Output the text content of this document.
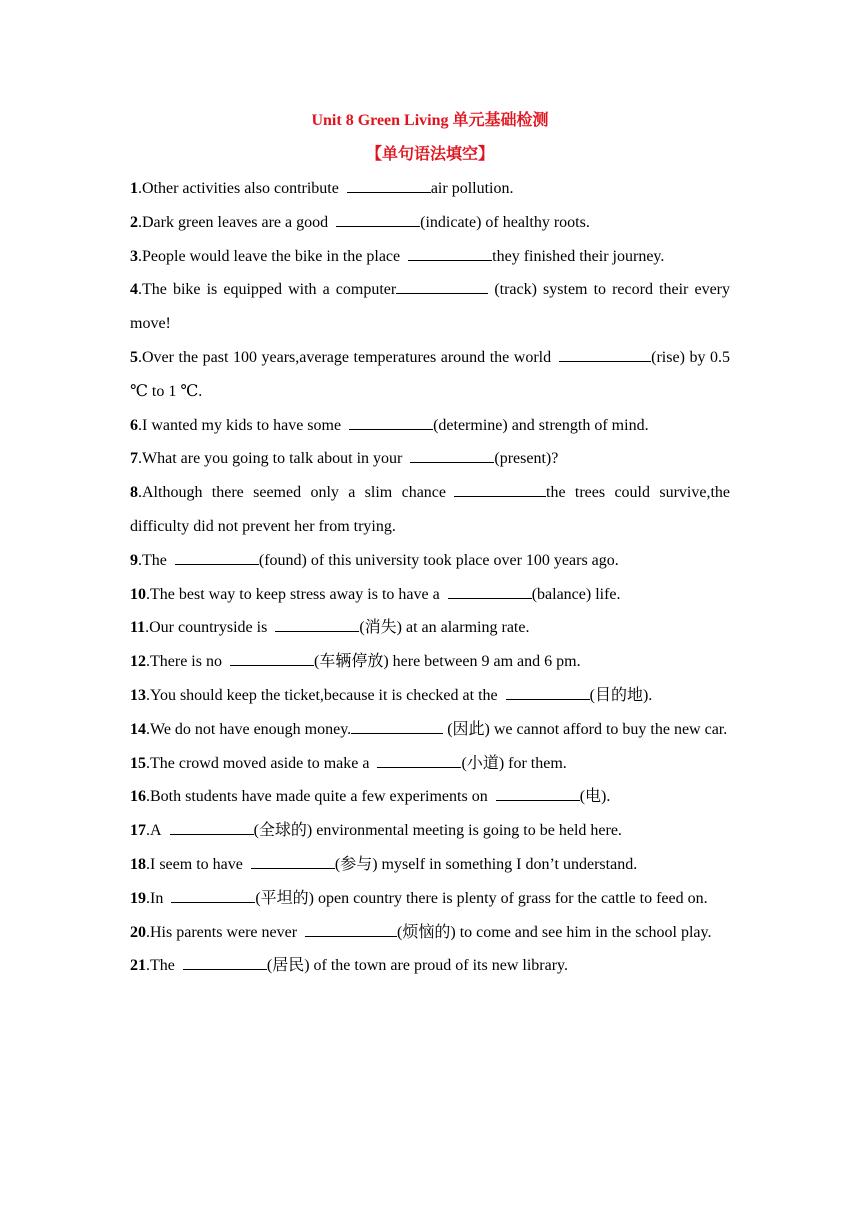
Unit 8 Green Living 单元基础检测

【单句语法填空】

1.Other activities also contribute	air pollution.

2.Dark green leaves are a good	(indicate) of healthy roots.

3.People would leave the bike in the place	they finished their journey.

4.The bike is equipped with a computer	(track) system to record their every move!

5.Over the past 100 years,average temperatures around the world	(rise) by 0.5 ℃ to 1 ℃.

6.I wanted my kids to have some	(determine) and strength of mind.

7.What are you going to talk about in your	(present)?

8.Although there seemed only a slim chance	the trees could survive,the difficulty did not prevent her from trying.

9.The	(found) of this university took place over 100 years ago.

10.The best way to keep stress away is to have a	(balance) life.

11.Our countryside is	(消失) at an alarming rate.

12.There is no	(车辆停放) here between 9 am and 6 pm.

13.You should keep the ticket,because it is checked at the	(目的地).

14.We do not have enough money.	(因此) we cannot afford to buy the new car.

15.The crowd moved aside to make a	(小道) for them.

16.Both students have made quite a few experiments on	(电).

17.A	(全球的) environmental meeting is going to be held here.

18.I seem to have	(参与) myself in something I don’t understand.

19.In	(平坦的) open country there is plenty of grass for the cattle to feed on.

20.His parents were never	(烦恼的) to come and see him in the school play.

21.The	(居民) of the town are proud of its new library.
